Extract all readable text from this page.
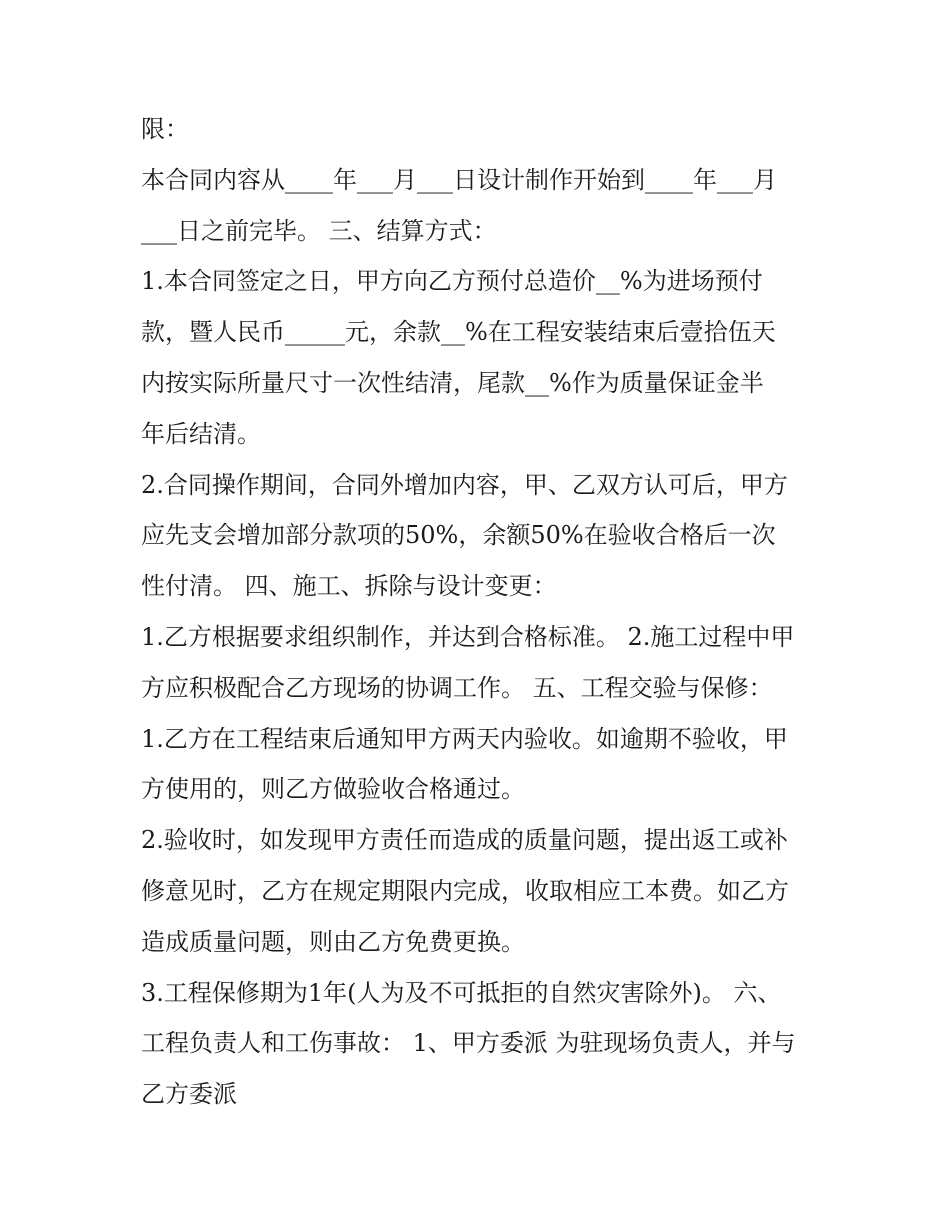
限：
本合同内容从____年___月___日设计制作开始到____年___月
___日之前完毕。 三、结算方式：
1.本合同签定之日，甲方向乙方预付总造价__%为进场预付
款，暨人民币_____元，余款__%在工程安装结束后壹拾伍天
内按实际所量尺寸一次性结清，尾款__%作为质量保证金半
年后结清。
2.合同操作期间，合同外增加内容，甲、乙双方认可后，甲方
应先支会增加部分款项的50%，余额50%在验收合格后一次
性付清。 四、施工、拆除与设计变更：
1.乙方根据要求组织制作，并达到合格标准。 2.施工过程中甲
方应积极配合乙方现场的协调工作。 五、工程交验与保修：
1.乙方在工程结束后通知甲方两天内验收。如逾期不验收，甲
方使用的，则乙方做验收合格通过。
2.验收时，如发现甲方责任而造成的质量问题，提出返工或补
修意见时，乙方在规定期限内完成，收取相应工本费。如乙方
造成质量问题，则由乙方免费更换。
3.工程保修期为1年(人为及不可抵拒的自然灾害除外)。 六、
工程负责人和工伤事故： 1、甲方委派 为驻现场负责人，并与
乙方委派
